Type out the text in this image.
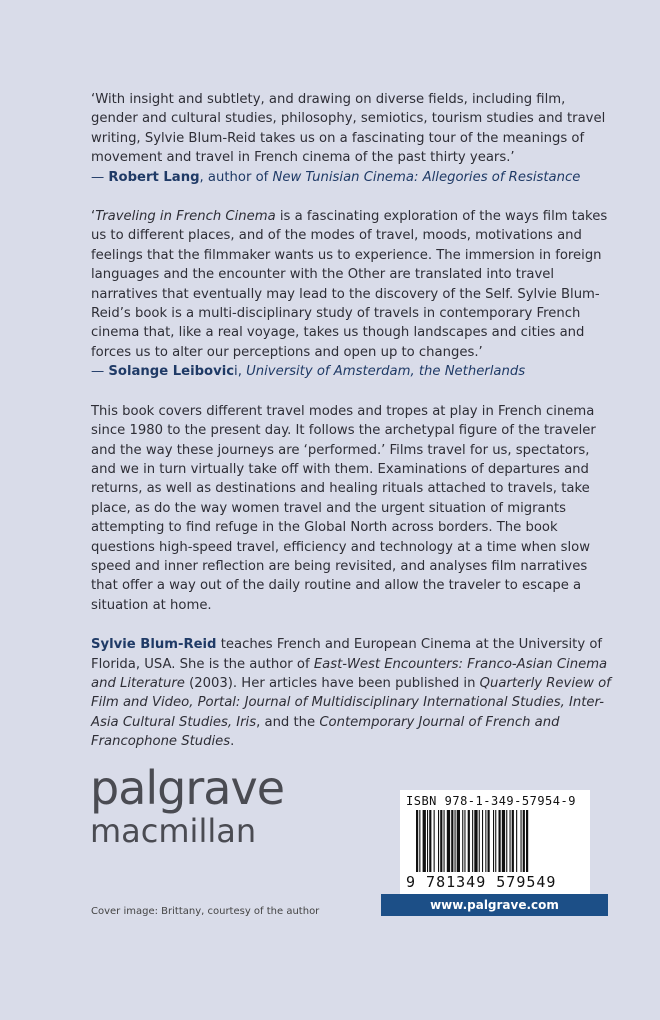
‘With insight and subtlety, and drawing on diverse fields, including film, gender and cultural studies, philosophy, semiotics, tourism studies and travel writing, Sylvie Blum-Reid takes us on a fascinating tour of the meanings of movement and travel in French cinema of the past thirty years.’

— Robert Lang, author of New Tunisian Cinema: Allegories of Resistance

‘Traveling in French Cinema is a fascinating exploration of the ways film takes us to different places, and of the modes of travel, moods, motivations and feelings that the filmmaker wants us to experience. The immersion in foreign languages and the encounter with the Other are translated into travel narratives that eventually may lead to the discovery of the Self. Sylvie Blum-Reid’s book is a multi-disciplinary study of travels in contemporary French cinema that, like a real voyage, takes us though landscapes and cities and forces us to alter our perceptions and open up to changes.’

— Solange Leibovici, University of Amsterdam, the Netherlands

This book covers different travel modes and tropes at play in French cinema since 1980 to the present day. It follows the archetypal figure of the traveler and the way these journeys are ‘performed.’ Films travel for us, spectators, and we in turn virtually take off with them. Examinations of departures and returns, as well as destinations and healing rituals attached to travels, take place, as do the way women travel and the urgent situation of migrants attempting to find refuge in the Global North across borders. The book questions high-speed travel, efficiency and technology at a time when slow speed and inner reflection are being revisited, and analyses film narratives that offer a way out of the daily routine and allow the traveler to escape a situation at home.

Sylvie Blum-Reid teaches French and European Cinema at the University of Florida, USA. She is the author of East-West Encounters: Franco-Asian Cinema and Literature (2003). Her articles have been published in Quarterly Review of Film and Video, Portal: Journal of Multidisciplinary International Studies, Inter-Asia Cultural Studies, Iris, and the Contemporary Journal of French and Francophone Studies.

palgrave
macmillan
Cover image: Brittany, courtesy of the author
ISBN 978-1-349-57954-9
9 781349 579549
www.palgrave.com
